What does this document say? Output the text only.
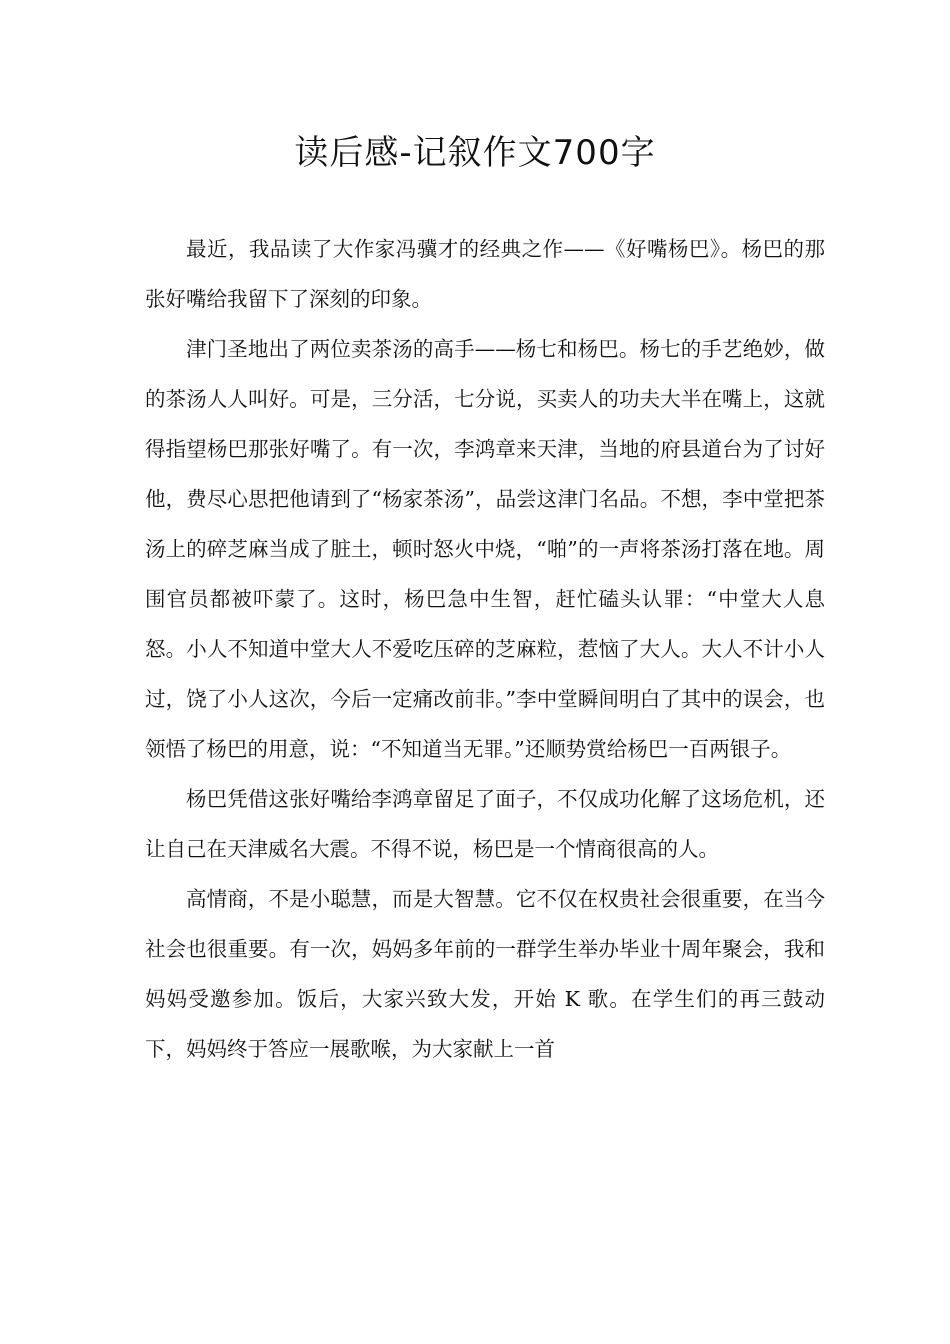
读后感-记叙作文700字

最近，我品读了大作家冯骥才的经典之作——《好嘴杨巴》。杨巴的那张好嘴给我留下了深刻的印象。

津门圣地出了两位卖茶汤的高手——杨七和杨巴。杨七的手艺绝妙，做的茶汤人人叫好。可是，三分活，七分说，买卖人的功夫大半在嘴上，这就得指望杨巴那张好嘴了。有一次，李鸿章来天津，当地的府县道台为了讨好他，费尽心思把他请到了“杨家茶汤”，品尝这津门名品。不想，李中堂把茶汤上的碎芝麻当成了脏土，顿时怒火中烧，“啪”的一声将茶汤打落在地。周围官员都被吓蒙了。这时，杨巴急中生智，赶忙磕头认罪：“中堂大人息怒。小人不知道中堂大人不爱吃压碎的芝麻粒，惹恼了大人。大人不计小人过，饶了小人这次，今后一定痛改前非。”李中堂瞬间明白了其中的误会，也领悟了杨巴的用意，说：“不知道当无罪。”还顺势赏给杨巴一百两银子。

杨巴凭借这张好嘴给李鸿章留足了面子，不仅成功化解了这场危机，还让自己在天津威名大震。不得不说，杨巴是一个情商很高的人。

高情商，不是小聪慧，而是大智慧。它不仅在权贵社会很重要，在当今社会也很重要。有一次，妈妈多年前的一群学生举办毕业十周年聚会，我和妈妈受邀参加。饭后，大家兴致大发，开始 K 歌。在学生们的再三鼓动下，妈妈终于答应一展歌喉，为大家献上一首
